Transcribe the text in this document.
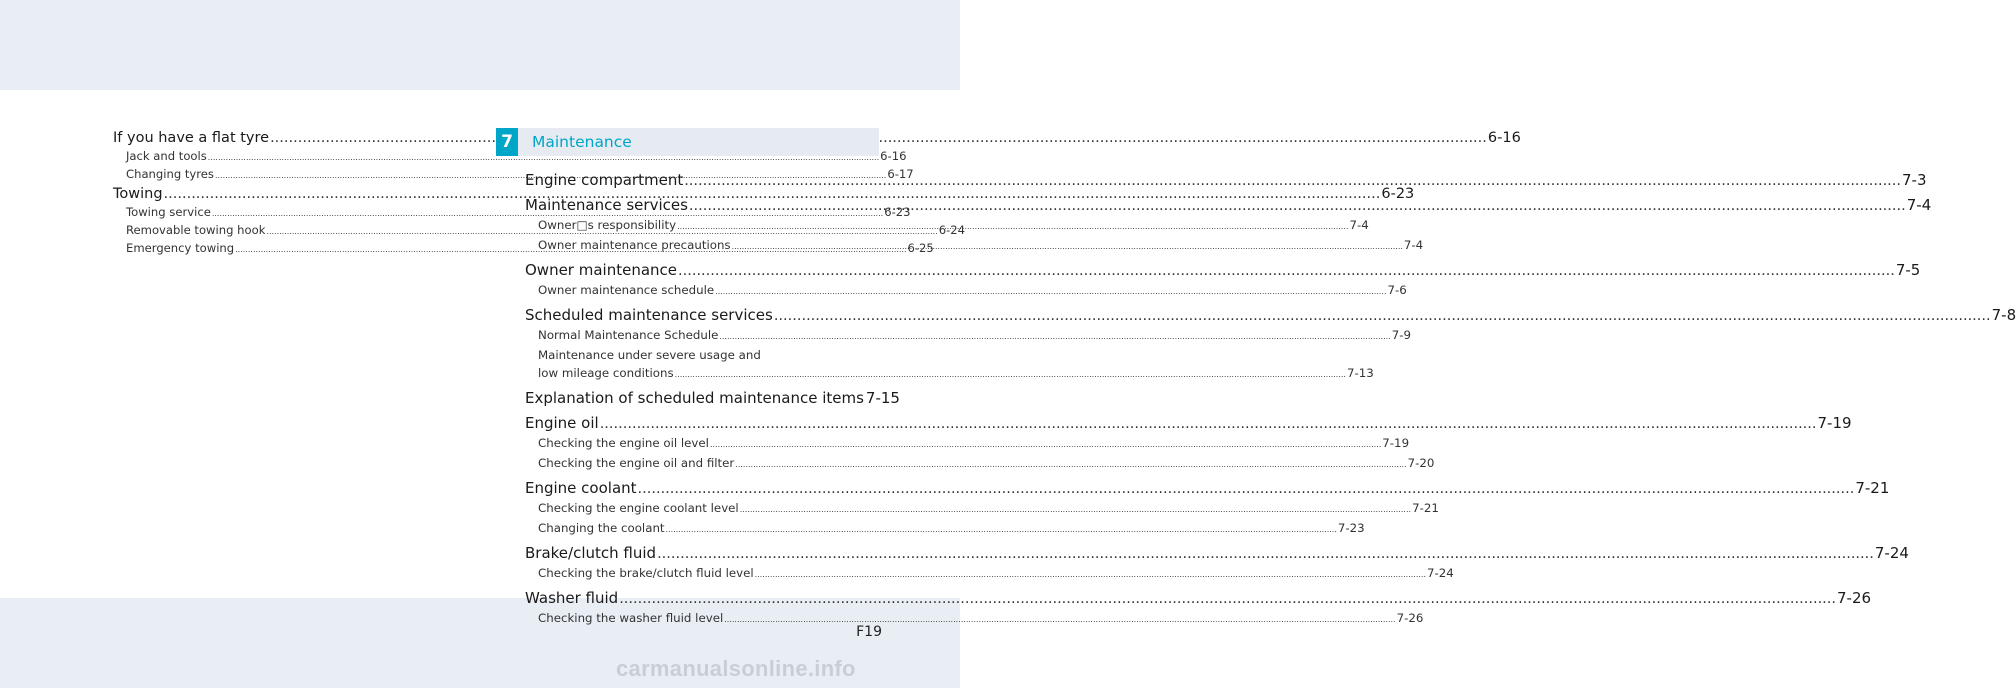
If you have a flat tyre .....	6-16
Jack and tools .....	6-16
Changing tyres .....	6-17
Towing .....	6-23
Towing service .....	6-23
Removable towing hook .....	6-24
Emergency towing .....	6-25
7	Maintenance
Engine compartment .....	7-3
Maintenance services .....	7-4
Owner□s responsibility .....	7-4
Owner maintenance precautions .....	7-4
Owner maintenance .....	7-5
Owner maintenance schedule .....	7-6
Scheduled maintenance services .....	7-8
Normal Maintenance Schedule .....	7-9
Maintenance under severe usage and
low mileage conditions .....	7-13
Explanation of scheduled maintenance items 7-15
Engine oil .....	7-19
Checking the engine oil level .....	7-19
Checking the engine oil and filter .....	7-20
Engine coolant .....	7-21
Checking the engine coolant level .....	7-21
Changing the coolant .....	7-23
Brake/clutch fluid .....	7-24
Checking the brake/clutch fluid level .....	7-24
Washer fluid .....	7-26
Checking the washer fluid level .....	7-26
F19
carmanualsonline.info
